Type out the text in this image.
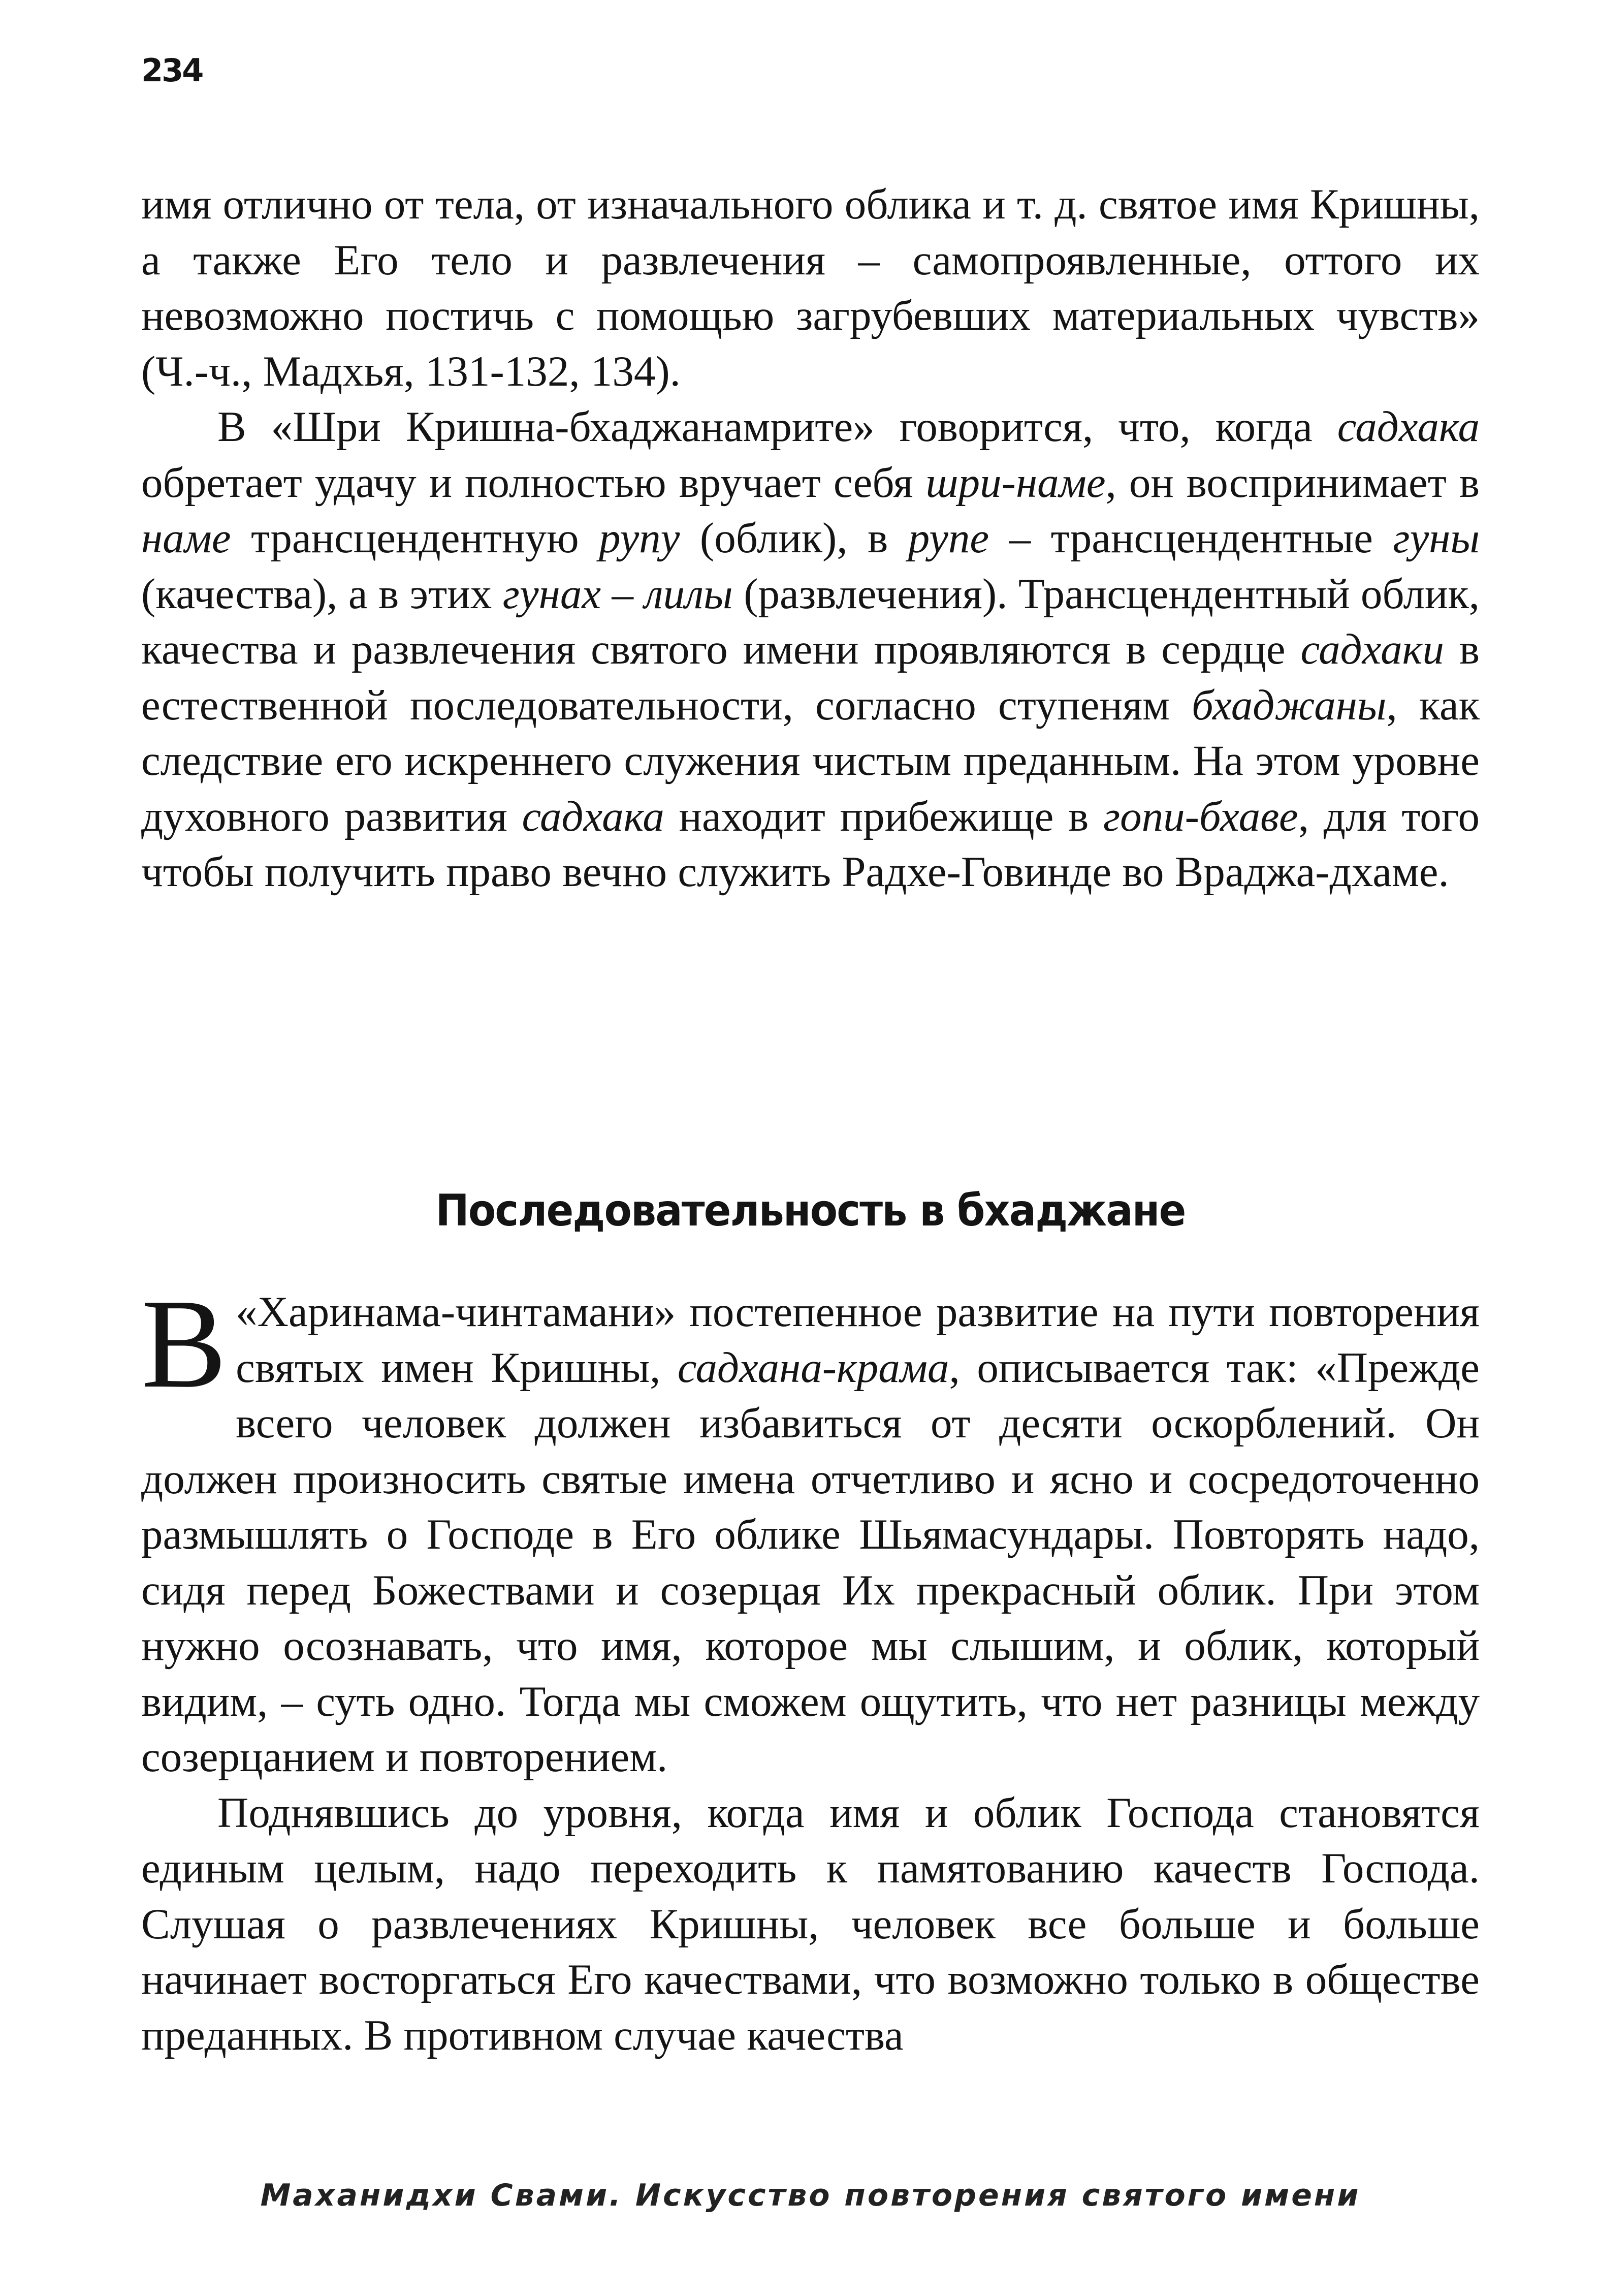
234

имя отлично от тела, от изначального облика и т. д. святое имя Кришны, а также Его тело и развлечения – самопроявленные, оттого их невозможно постичь с помощью загрубевших материальных чувств» (Ч.-ч., Мадхья, 131-132, 134).

В «Шри Кришна-бхаджанамрите» говорится, что, когда садхака обретает удачу и полностью вручает себя шри-наме, он воспринимает в наме трансцендентную рупу (облик), в рупе – трансцендентные гуны (качества), а в этих гунах – лилы (развлечения). Трансцендентный облик, качества и развлечения святого имени проявляются в сердце садхаки в естественной последовательности, согласно ступеням бхаджаны, как следствие его искреннего служения чистым преданным. На этом уровне духовного развития садхака находит прибежище в гопи-бхаве, для того чтобы получить право вечно служить Радхе-Говинде во Враджа-дхаме.

Последовательность в бхаджане

В «Харинама-чинтамани» постепенное развитие на пути повторения святых имен Кришны, садхана-крама, описывается так: «Прежде всего человек должен избавиться от десяти оскорблений. Он должен произносить святые имена отчетливо и ясно и сосредоточенно размышлять о Господе в Его облике Шьямасундары. Повторять надо, сидя перед Божествами и созерцая Их прекрасный облик. При этом нужно осознавать, что имя, которое мы слышим, и облик, который видим, – суть одно. Тогда мы сможем ощутить, что нет разницы между созерцанием и повторением.

Поднявшись до уровня, когда имя и облик Господа становятся единым целым, надо переходить к памятованию качеств Господа. Слушая о развлечениях Кришны, человек все больше и больше начинает восторгаться Его качествами, что возможно только в обществе преданных. В противном случае качества

Маханидхи Свами. Искусство повторения святого имени
